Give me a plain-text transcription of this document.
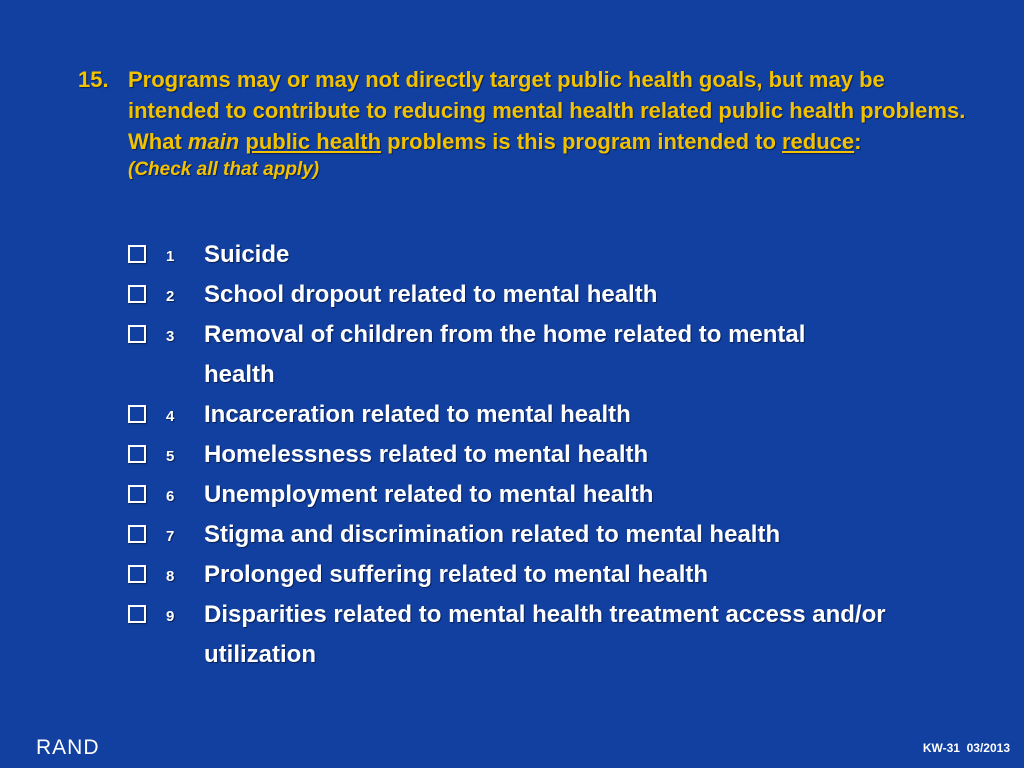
15. Programs may or may not directly target public health goals, but may be intended to contribute to reducing mental health related public health problems. What main public health problems is this program intended to reduce:
(Check all that apply)
1 Suicide
2 School dropout related to mental health
3 Removal of children from the home related to mental health
4 Incarceration related to mental health
5 Homelessness related to mental health
6 Unemployment related to mental health
7 Stigma and discrimination related to mental health
8 Prolonged suffering related to mental health
9 Disparities related to mental health treatment access and/or utilization
RAND	KW-31  03/2013
